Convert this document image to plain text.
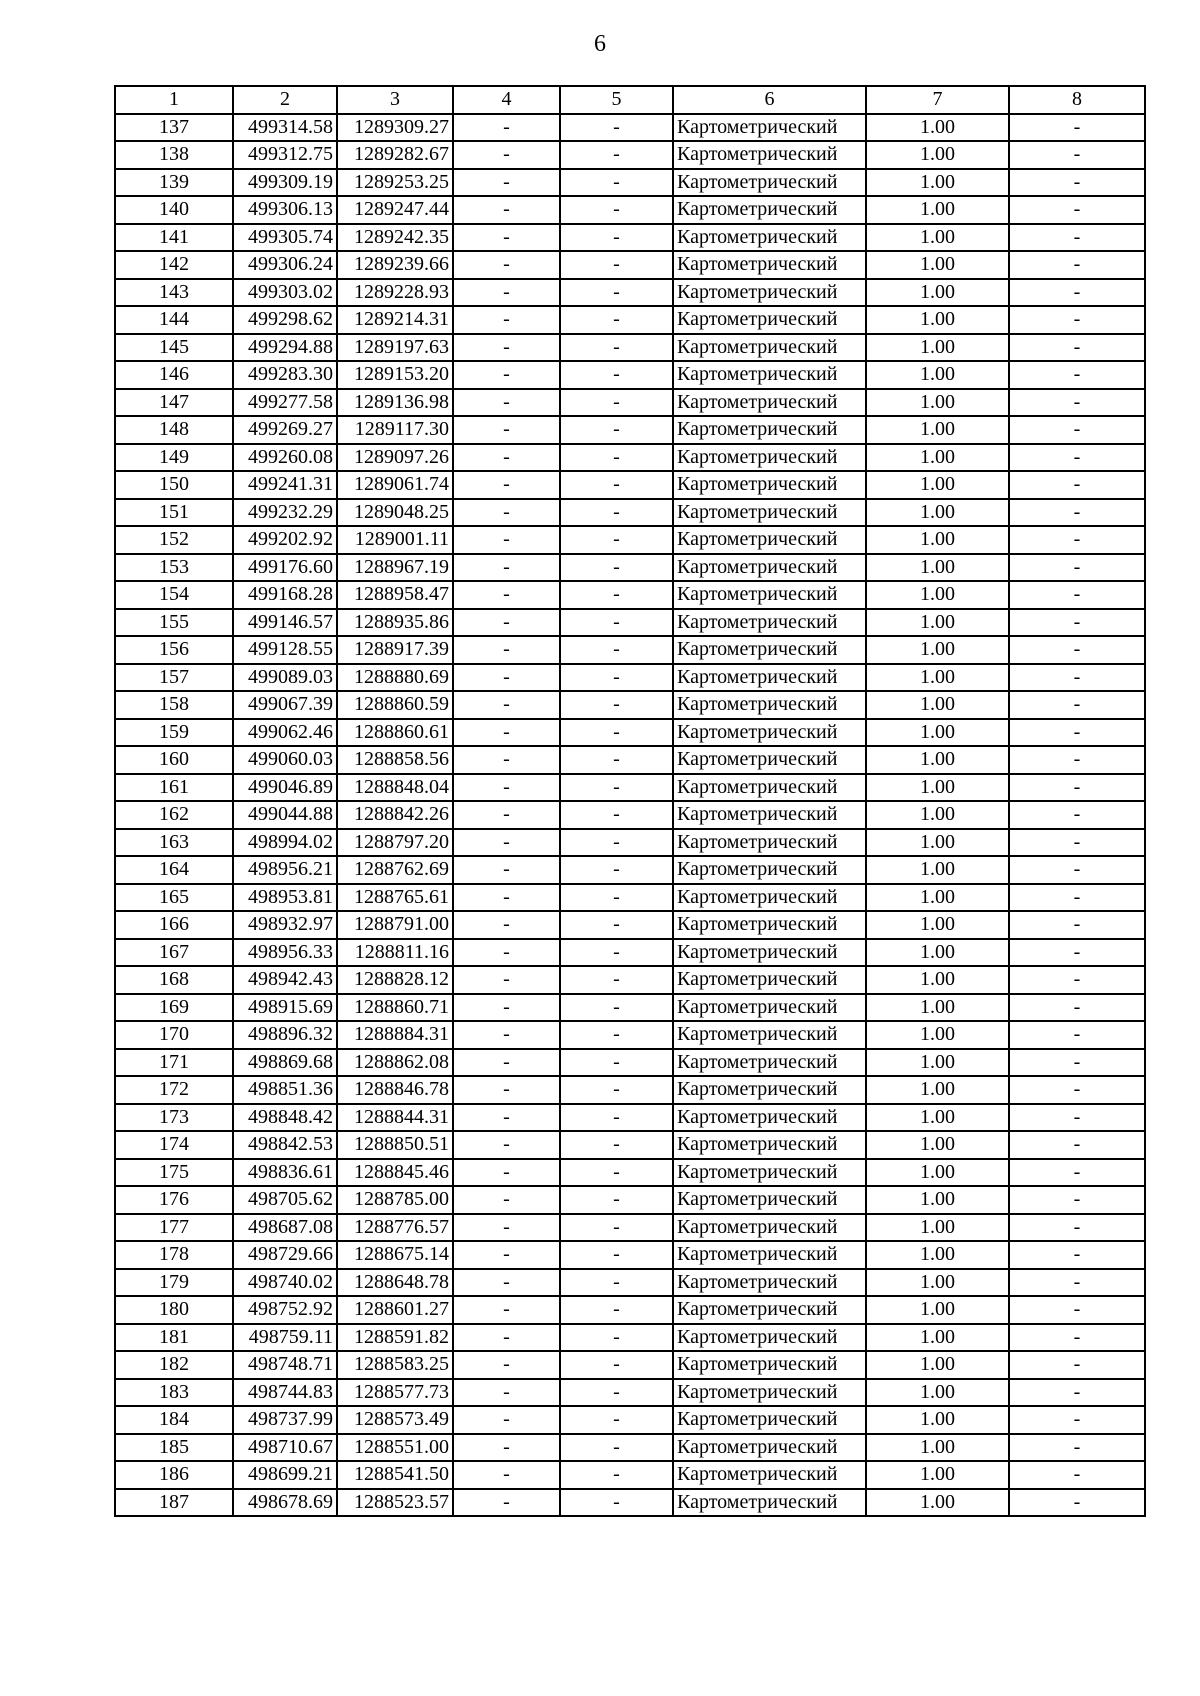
6
1	2	3	4	5	6	7	8
137	499314.58	1289309.27	-	-	Картометрический	1.00	-
138	499312.75	1289282.67	-	-	Картометрический	1.00	-
139	499309.19	1289253.25	-	-	Картометрический	1.00	-
140	499306.13	1289247.44	-	-	Картометрический	1.00	-
141	499305.74	1289242.35	-	-	Картометрический	1.00	-
142	499306.24	1289239.66	-	-	Картометрический	1.00	-
143	499303.02	1289228.93	-	-	Картометрический	1.00	-
144	499298.62	1289214.31	-	-	Картометрический	1.00	-
145	499294.88	1289197.63	-	-	Картометрический	1.00	-
146	499283.30	1289153.20	-	-	Картометрический	1.00	-
147	499277.58	1289136.98	-	-	Картометрический	1.00	-
148	499269.27	1289117.30	-	-	Картометрический	1.00	-
149	499260.08	1289097.26	-	-	Картометрический	1.00	-
150	499241.31	1289061.74	-	-	Картометрический	1.00	-
151	499232.29	1289048.25	-	-	Картометрический	1.00	-
152	499202.92	1289001.11	-	-	Картометрический	1.00	-
153	499176.60	1288967.19	-	-	Картометрический	1.00	-
154	499168.28	1288958.47	-	-	Картометрический	1.00	-
155	499146.57	1288935.86	-	-	Картометрический	1.00	-
156	499128.55	1288917.39	-	-	Картометрический	1.00	-
157	499089.03	1288880.69	-	-	Картометрический	1.00	-
158	499067.39	1288860.59	-	-	Картометрический	1.00	-
159	499062.46	1288860.61	-	-	Картометрический	1.00	-
160	499060.03	1288858.56	-	-	Картометрический	1.00	-
161	499046.89	1288848.04	-	-	Картометрический	1.00	-
162	499044.88	1288842.26	-	-	Картометрический	1.00	-
163	498994.02	1288797.20	-	-	Картометрический	1.00	-
164	498956.21	1288762.69	-	-	Картометрический	1.00	-
165	498953.81	1288765.61	-	-	Картометрический	1.00	-
166	498932.97	1288791.00	-	-	Картометрический	1.00	-
167	498956.33	1288811.16	-	-	Картометрический	1.00	-
168	498942.43	1288828.12	-	-	Картометрический	1.00	-
169	498915.69	1288860.71	-	-	Картометрический	1.00	-
170	498896.32	1288884.31	-	-	Картометрический	1.00	-
171	498869.68	1288862.08	-	-	Картометрический	1.00	-
172	498851.36	1288846.78	-	-	Картометрический	1.00	-
173	498848.42	1288844.31	-	-	Картометрический	1.00	-
174	498842.53	1288850.51	-	-	Картометрический	1.00	-
175	498836.61	1288845.46	-	-	Картометрический	1.00	-
176	498705.62	1288785.00	-	-	Картометрический	1.00	-
177	498687.08	1288776.57	-	-	Картометрический	1.00	-
178	498729.66	1288675.14	-	-	Картометрический	1.00	-
179	498740.02	1288648.78	-	-	Картометрический	1.00	-
180	498752.92	1288601.27	-	-	Картометрический	1.00	-
181	498759.11	1288591.82	-	-	Картометрический	1.00	-
182	498748.71	1288583.25	-	-	Картометрический	1.00	-
183	498744.83	1288577.73	-	-	Картометрический	1.00	-
184	498737.99	1288573.49	-	-	Картометрический	1.00	-
185	498710.67	1288551.00	-	-	Картометрический	1.00	-
186	498699.21	1288541.50	-	-	Картометрический	1.00	-
187	498678.69	1288523.57	-	-	Картометрический	1.00	-
